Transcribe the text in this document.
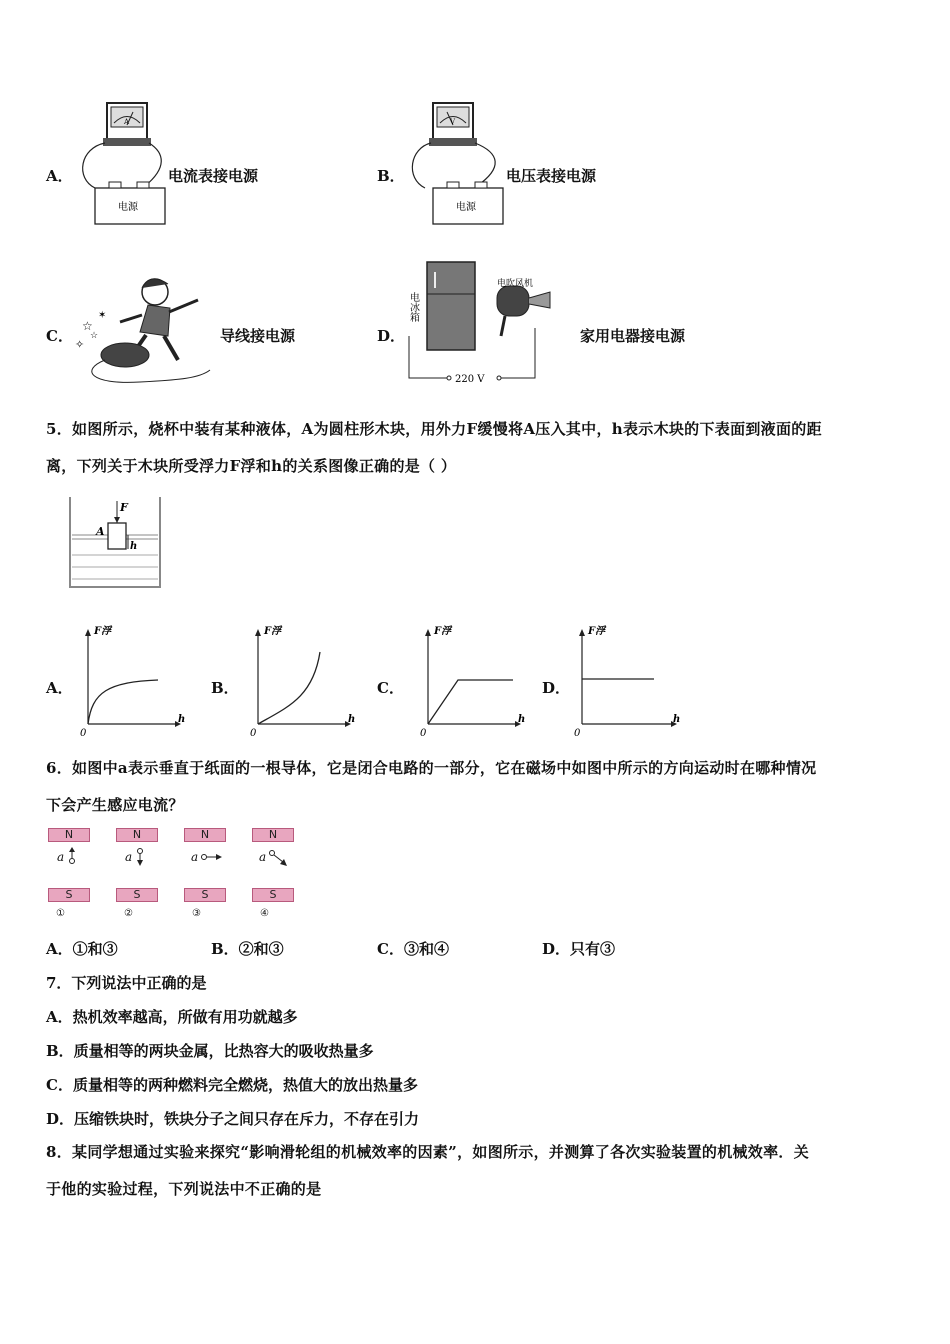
A．
A
电源
电流表接电源	B．
V
电源
电压表接电源
C．
☆
✶
✧
☆	导线接电源	D．
电冰箱
电吹风机
220 V
家用电器接电源
5．如图所示，烧杯中装有某种液体，A为圆柱形木块，用外力F缓慢将A压入其中，h表示木块的下表面到液面的距
离，下列关于木块所受浮力F浮和h的关系图像正确的是（ ）
F
A
h
A．
F浮
h
0
B．
F浮
h
0
C．
F浮
h
0
D．
F浮
h
0
6．如图中a表示垂直于纸面的一根导体，它是闭合电路的一部分，它在磁场中如图中所示的方向运动时在哪种情况
下会产生感应电流？
N
a
S
①
N
a
S
②
N
a
S
③
N
a
S
④
A．①和③	B．②和③	C．③和④	D．只有③
7．下列说法中正确的是
A．热机效率越高，所做有用功就越多
B．质量相等的两块金属，比热容大的吸收热量多
C．质量相等的两种燃料完全燃烧，热值大的放出热量多
D．压缩铁块时，铁块分子之间只存在斥力，不存在引力
8．某同学想通过实验来探究“影响滑轮组的机械效率的因素”，如图所示，并测算了各次实验装置的机械效率．关
于他的实验过程，下列说法中不正确的是
